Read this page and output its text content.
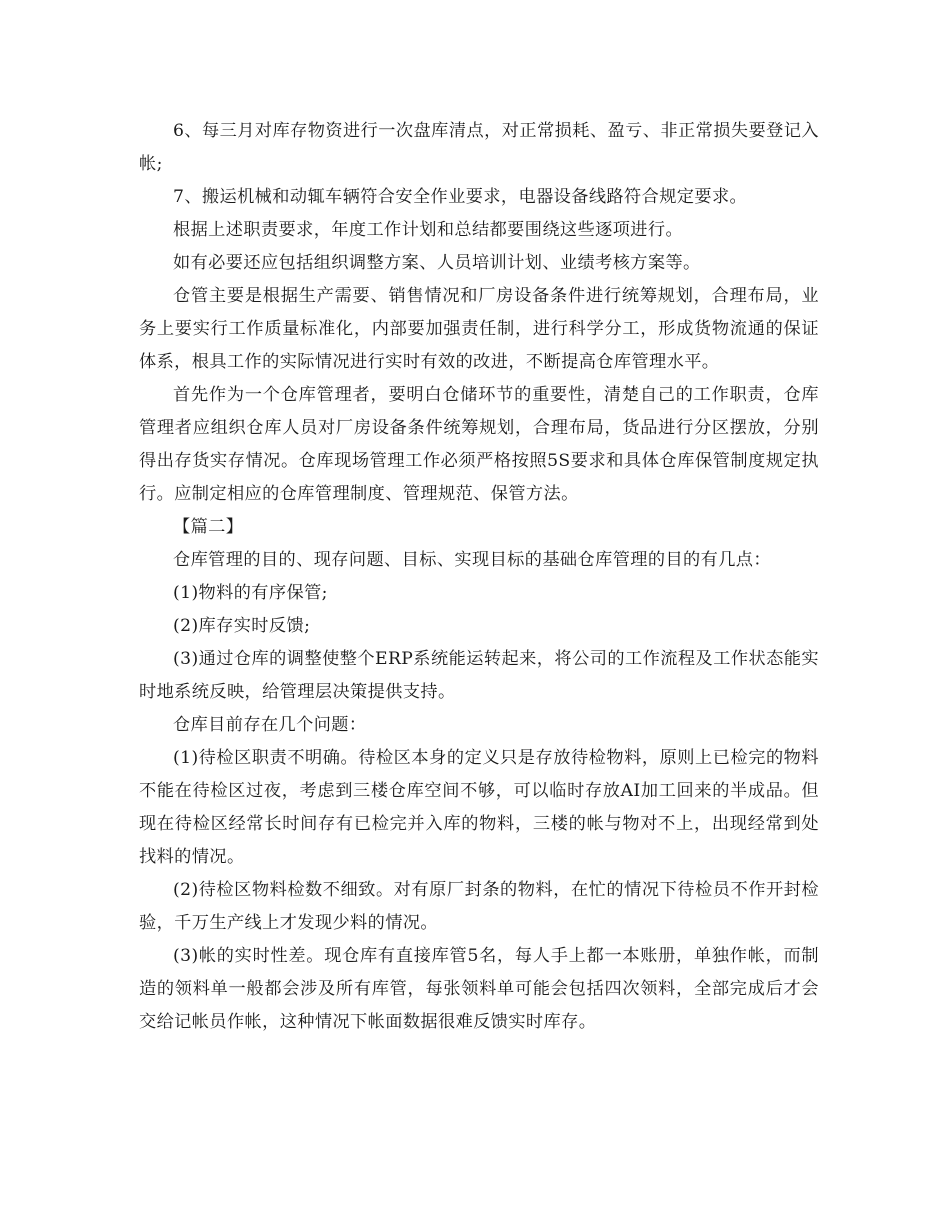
6、每三月对库存物资进行一次盘库清点，对正常损耗、盈亏、非正常损失要登记入帐;

7、搬运机械和动辄车辆符合安全作业要求，电器设备线路符合规定要求。

根据上述职责要求，年度工作计划和总结都要围绕这些逐项进行。

如有必要还应包括组织调整方案、人员培训计划、业绩考核方案等。

仓管主要是根据生产需要、销售情况和厂房设备条件进行统筹规划，合理布局，业务上要实行工作质量标准化，内部要加强责任制，进行科学分工，形成货物流通的保证体系，根具工作的实际情况进行实时有效的改进，不断提高仓库管理水平。

首先作为一个仓库管理者，要明白仓储环节的重要性，清楚自己的工作职责，仓库管理者应组织仓库人员对厂房设备条件统筹规划，合理布局，货品进行分区摆放，分别得出存货实存情况。仓库现场管理工作必须严格按照5S要求和具体仓库保管制度规定执行。应制定相应的仓库管理制度、管理规范、保管方法。

【篇二】

仓库管理的目的、现存问题、目标、实现目标的基础仓库管理的目的有几点：

(1)物料的有序保管;

(2)库存实时反馈;

(3)通过仓库的调整使整个ERP系统能运转起来，将公司的工作流程及工作状态能实时地系统反映，给管理层决策提供支持。

仓库目前存在几个问题：

(1)待检区职责不明确。待检区本身的定义只是存放待检物料，原则上已检完的物料不能在待检区过夜，考虑到三楼仓库空间不够，可以临时存放AI加工回来的半成品。但现在待检区经常长时间存有已检完并入库的物料，三楼的帐与物对不上，出现经常到处找料的情况。

(2)待检区物料检数不细致。对有原厂封条的物料，在忙的情况下待检员不作开封检验，千万生产线上才发现少料的情况。

(3)帐的实时性差。现仓库有直接库管5名，每人手上都一本账册，单独作帐，而制造的领料单一般都会涉及所有库管，每张领料单可能会包括四次领料，全部完成后才会交给记帐员作帐，这种情况下帐面数据很难反馈实时库存。
